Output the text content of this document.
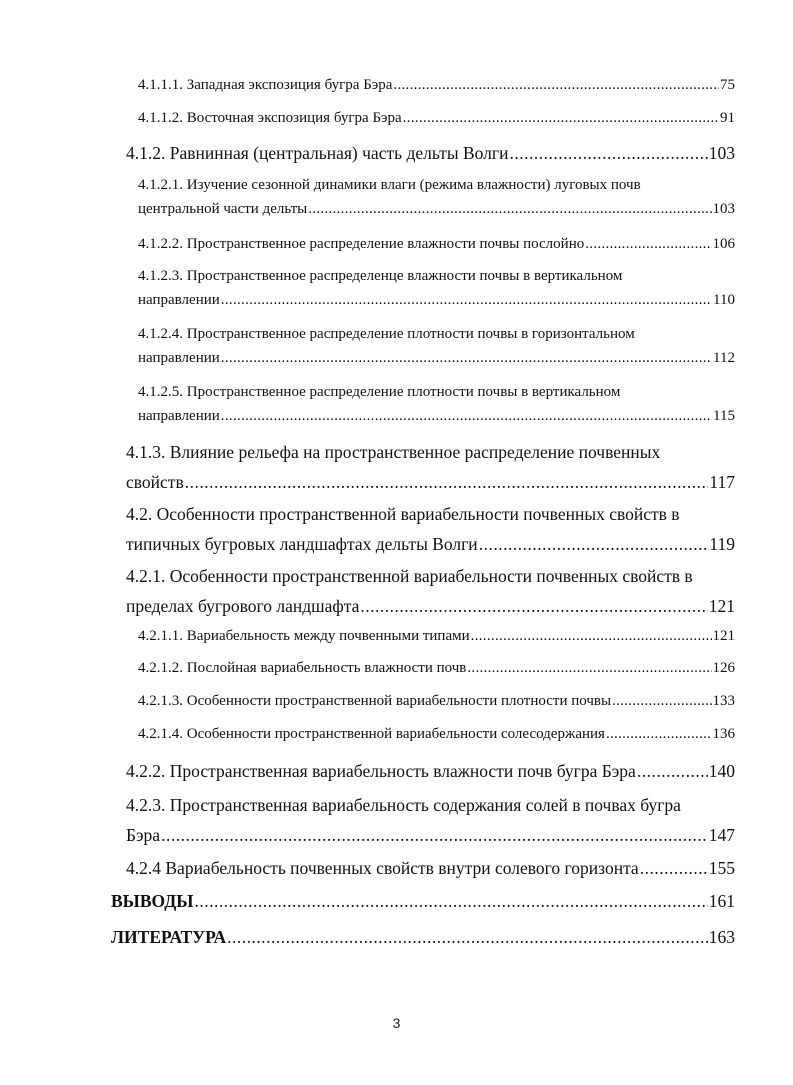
4.1.1.1. Западная экспозиция бугра Бэра .....	75
4.1.1.2. Восточная экспозиция бугра Бэра .....	91
4.1.2. Равнинная (центральная) часть дельты Волги .....	103
4.1.2.1. Изучение сезонной динамики влаги (режима влажности) луговых почв
центральной части дельты .....	103
4.1.2.2. Пространственное распределение влажности почвы послойно .....	106
4.1.2.3. Пространственное распределенце влажности почвы в вертикальном
направлении .....	110
4.1.2.4. Пространственное распределение плотности почвы в горизонтальном
направлении .....	112
4.1.2.5. Пространственное распределение плотности почвы в вертикальном
направлении .....	115
4.1.3. Влияние рельефа на пространственное распределение почвенных
свойств .....	117
4.2. Особенности пространственной вариабельности почвенных свойств в
типичных бугровых ландшафтах дельты Волги .....	119
4.2.1. Особенности пространственной вариабельности почвенных свойств в
пределах бугрового ландшафта .....	121
4.2.1.1. Вариабельность между почвенными типами .....	121
4.2.1.2. Послойная вариабельность влажности почв .....	126
4.2.1.3. Особенности пространственной вариабельности плотности почвы .....	133
4.2.1.4. Особенности пространственной вариабельности солесодержания .....	136
4.2.2. Пространственная вариабельность влажности почв бугра Бэра .....	140
4.2.3. Пространственная вариабельность содержания солей в почвах бугра
Бэра .....	147
4.2.4 Вариабельность почвенных свойств внутри солевого горизонта .....	155
ВЫВОДЫ .....	161
ЛИТЕРАТУРА .....	163
3
